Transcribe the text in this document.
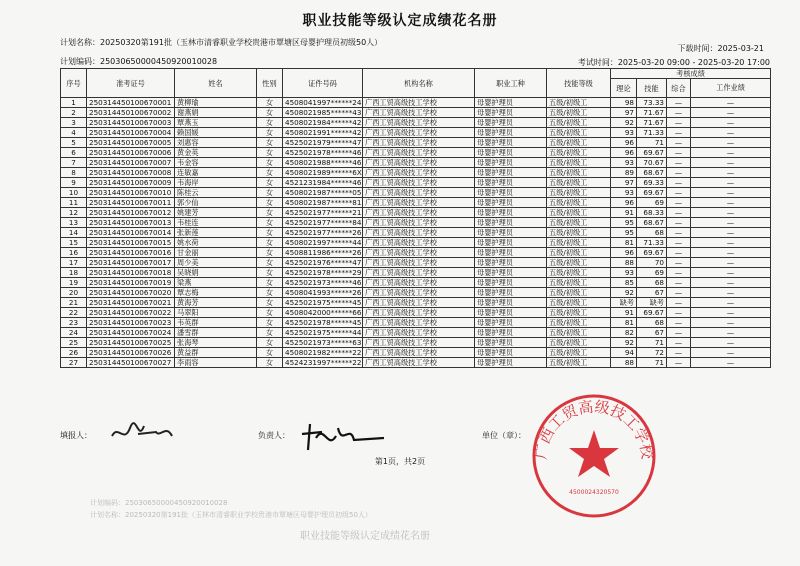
职业技能等级认定成绩花名册
计划名称：20250320第191批（玉林市清睿职业学校贵港市覃塘区母婴护理员初级50人）
计划编码：25030650000450920010028
下载时间：2025-03-21
考试时间：2025-03-20 09:00 - 2025-03-20 17:00
序号	准考证号	姓名	性别	证件号码	机构名称	职业工种	技能等级	考核成绩			
								理论	技能	综合	工作业绩
1	250314450100670001	黄柳瑜	女	4508041997******24	广西工贸高级技工学校	母婴护理员	五级/初级工	98	73.33	—	—
2	250314450100670002	谢燕娟	女	4508021985******43	广西工贸高级技工学校	母婴护理员	五级/初级工	97	71.67	—	—
3	250314450100670003	覃燕玉	女	4508021984******42	广西工贸高级技工学校	母婴护理员	五级/初级工	92	71.67	—	—
4	250314450100670004	赖国媛	女	4508021991******42	广西工贸高级技工学校	母婴护理员	五级/初级工	93	71.33	—	—
5	250314450100670005	刘惠容	女	4525021979******47	广西工贸高级技工学校	母婴护理员	五级/初级工	96	71	—	—
6	250314450100670006	黄金英	女	4525021978******46	广西工贸高级技工学校	母婴护理员	五级/初级工	96	69.67	—	—
7	250314450100670007	韦金容	女	4508021988******46	广西工贸高级技工学校	母婴护理员	五级/初级工	93	70.67	—	—
8	250314450100670008	连敏嘉	女	4508021989******6X	广西工贸高级技工学校	母婴护理员	五级/初级工	89	68.67	—	—
9	250314450100670009	韦海岸	女	4521231984******46	广西工贸高级技工学校	母婴护理员	五级/初级工	97	69.33	—	—
10	250314450100670010	陈桂云	女	4508021987******05	广西工贸高级技工学校	母婴护理员	五级/初级工	93	69.67	—	—
11	250314450100670011	郭少仙	女	4508021987******81	广西工贸高级技工学校	母婴护理员	五级/初级工	96	69	—	—
12	250314450100670012	姚建芳	女	4525021977******21	广西工贸高级技工学校	母婴护理员	五级/初级工	91	68.33	—	—
13	250314450100670013	韦桂连	女	4525021977******84	广西工贸高级技工学校	母婴护理员	五级/初级工	95	68.67	—	—
14	250314450100670014	张新莲	女	4525021977******26	广西工贸高级技工学校	母婴护理员	五级/初级工	95	68	—	—
15	250314450100670015	姚水荷	女	4508021997******44	广西工贸高级技工学校	母婴护理员	五级/初级工	81	71.33	—	—
16	250314450100670016	甘金丽	女	4508811986******26	广西工贸高级技工学校	母婴护理员	五级/初级工	96	69.67	—	—
17	250314450100670017	周少美	女	4525021976******47	广西工贸高级技工学校	母婴护理员	五级/初级工	88	70	—	—
18	250314450100670018	吴晓娟	女	4525021978******29	广西工贸高级技工学校	母婴护理员	五级/初级工	93	69	—	—
19	250314450100670019	梁燕	女	4525021973******46	广西工贸高级技工学校	母婴护理员	五级/初级工	85	68	—	—
20	250314450100670020	覃志梅	女	4508041993******26	广西工贸高级技工学校	母婴护理员	五级/初级工	92	67	—	—
21	250314450100670021	黄海芳	女	4525021975******45	广西工贸高级技工学校	母婴护理员	五级/初级工	缺考	缺考	—	—
22	250314450100670022	马翠阳	女	4508042000******66	广西工贸高级技工学校	母婴护理员	五级/初级工	91	69.67	—	—
23	250314450100670023	韦英群	女	4525021978******45	广西工贸高级技工学校	母婴护理员	五级/初级工	81	68	—	—
24	250314450100670024	潘雪群	女	4525021975******44	广西工贸高级技工学校	母婴护理员	五级/初级工	82	67	—	—
25	250314450100670025	张海琴	女	4525021973******63	广西工贸高级技工学校	母婴护理员	五级/初级工	92	71	—	—
26	250314450100670026	黄益群	女	4508021982******22	广西工贸高级技工学校	母婴护理员	五级/初级工	94	72	—	—
27	250314450100670027	李雨容	女	4524231997******22	广西工贸高级技工学校	母婴护理员	五级/初级工	88	71	—	—
填报人：	负责人：	单位（章）：
第1页，共2页
广西工贸高级技工学校
4500024320570
计划编码：25030650000450920010028
计划名称：20250320第191批（玉林市清睿职业学校贵港市覃塘区母婴护理员初级50人）
职业技能等级认定成绩花名册
